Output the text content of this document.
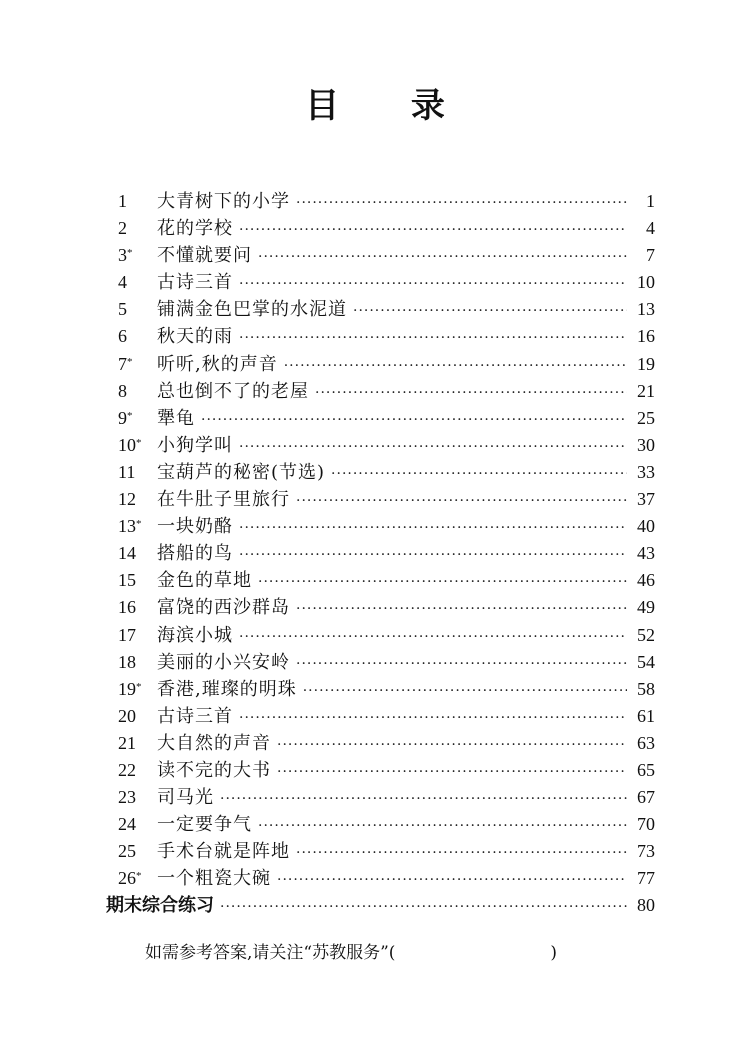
目 录
1	大青树下的小学 ·····	1
2	花的学校 ·····	4
3*	不懂就要问 ·····	7
4	古诗三首 ·····	10
5	铺满金色巴掌的水泥道 ·····	13
6	秋天的雨 ·····	16
7*	听听,秋的声音 ·····	19
8	总也倒不了的老屋 ·····	21
9*	犟龟 ·····	25
10* 小狗学叫 ·····	30
11	宝葫芦的秘密(节选) ·····	33
12	在牛肚子里旅行 ·····	37
13* 一块奶酪 ·····	40
14	搭船的鸟 ·····	43
15	金色的草地 ·····	46
16	富饶的西沙群岛 ·····	49
17	海滨小城 ·····	52
18	美丽的小兴安岭 ·····	54
19* 香港,璀璨的明珠 ·····	58
20	古诗三首 ·····	61
21	大自然的声音 ·····	63
22	读不完的大书 ·····	65
23	司马光 ·····	67
24	一定要争气 ·····	70
25	手术台就是阵地 ·····	73
26* 一个粗瓷大碗 ·····	77
期末综合练习 ·····	80
如需参考答案,请关注“苏教服务”(	)
